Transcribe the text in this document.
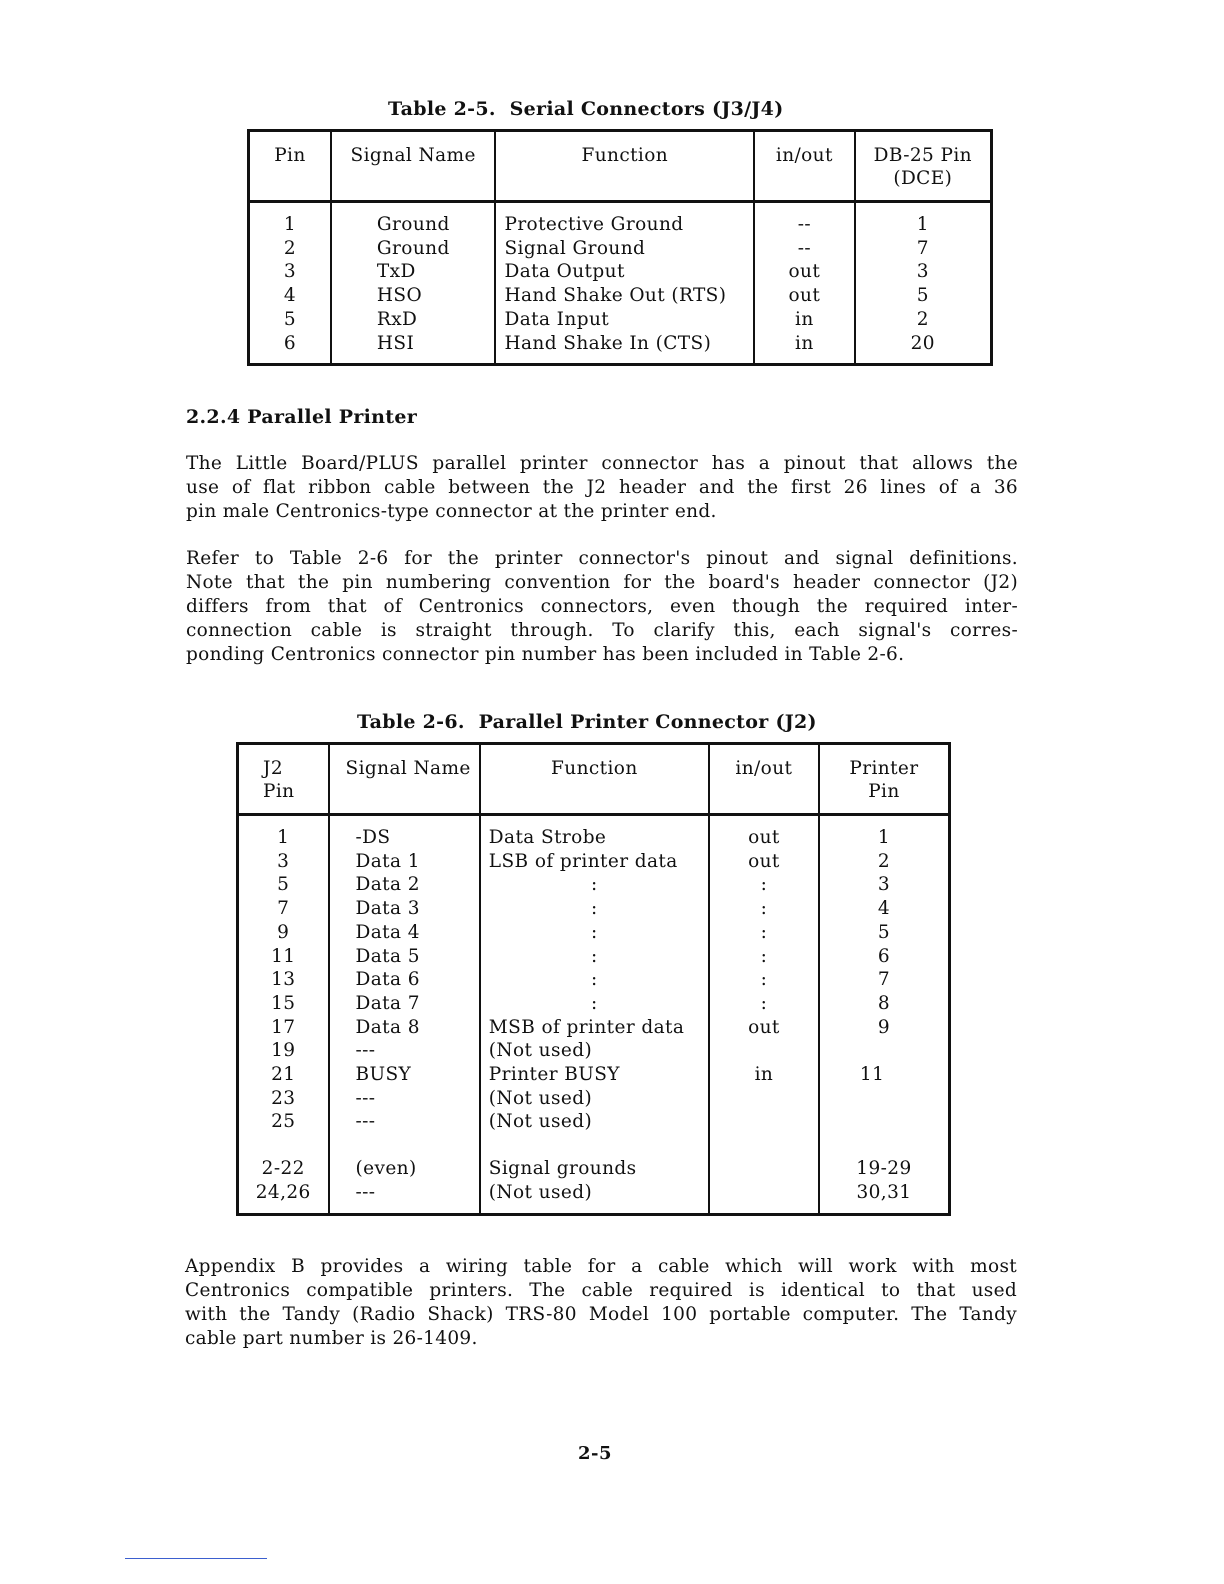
Table 2-5.  Serial Connectors (J3/J4)
Pin	Signal Name	Function	in/out	DB-25 Pin
(DCE)
1	Ground	Protective Ground	--	1
2	Ground	Signal Ground	--	7
3	TxD	Data Output	out	3
4	HSO	Hand Shake Out (RTS)	out	5
5	RxD	Data Input	in	2
6	HSI	Hand Shake In (CTS)	in	20
2.2.4 Parallel Printer
The Little Board/PLUS parallel printer connector has a pinout that allows the
use of flat ribbon cable between the J2 header and the first 26 lines of a 36
pin male Centronics-type connector at the printer end.
Refer to Table 2-6 for the printer connector's pinout and signal definitions.
Note that the pin numbering convention for the board's header connector (J2)
differs from that of Centronics connectors, even though the required inter-
connection cable is straight through. To clarify this, each signal's corres-
ponding Centronics connector pin number has been included in Table 2-6.
Table 2-6.  Parallel Printer Connector (J2)
J2
Pin	Signal Name	Function	in/out	Printer
Pin
1	-DS	Data Strobe	out	1
3	Data 1	LSB of printer data	out	2
5	Data 2	:	:	3
7	Data 3	:	:	4
9	Data 4	:	:	5
11	Data 5	:	:	6
13	Data 6	:	:	7
15	Data 7	:	:	8
17	Data 8	MSB of printer data	out	9
19	---	(Not used)		
21	BUSY	Printer BUSY	in	11
23	---	(Not used)		
25	---	(Not used)		

2-22	(even)	Signal grounds		19-29
24,26	---	(Not used)		30,31
Appendix B provides a wiring table for a cable which will work with most
Centronics compatible printers. The cable required is identical to that used
with the Tandy (Radio Shack) TRS-80 Model 100 portable computer. The Tandy
cable part number is 26-1409.
2-5
